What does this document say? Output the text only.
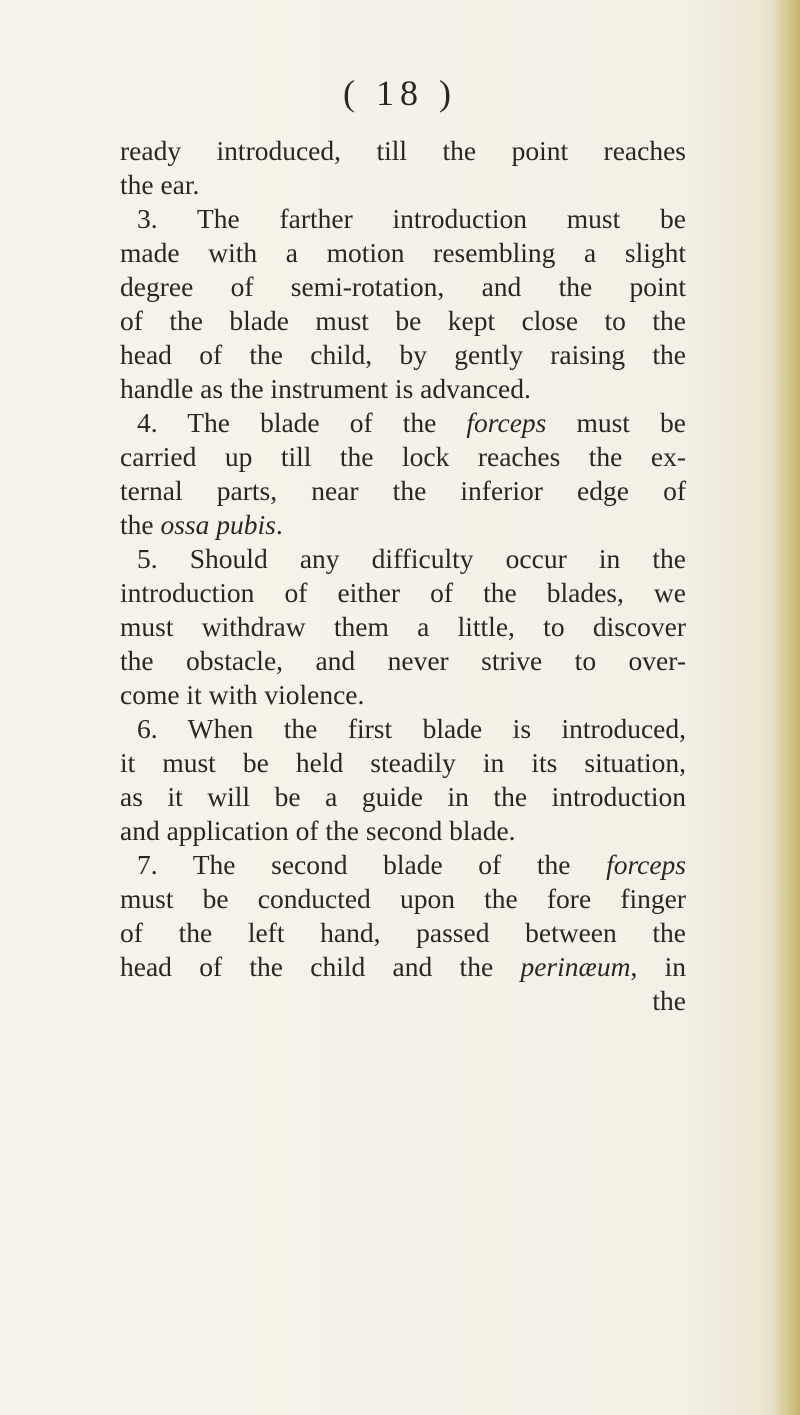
( 18 )
ready introduced, till the point reaches
the ear.
3. The farther introduction must be
made with a motion resembling a slight
degree of semi-rotation, and the point
of the blade must be kept close to the
head of the child, by gently raising the
handle as the instrument is advanced.
4. The blade of the forceps must be
carried up till the lock reaches the ex-
ternal parts, near the inferior edge of
the ossa pubis.
5. Should any difficulty occur in the
introduction of either of the blades, we
must withdraw them a little, to discover
the obstacle, and never strive to over-
come it with violence.
6. When the first blade is introduced,
it must be held steadily in its situation,
as it will be a guide in the introduction
and application of the second blade.
7. The second blade of the forceps
must be conducted upon the fore finger
of the left hand, passed between the
head of the child and the perinæum, in
the
